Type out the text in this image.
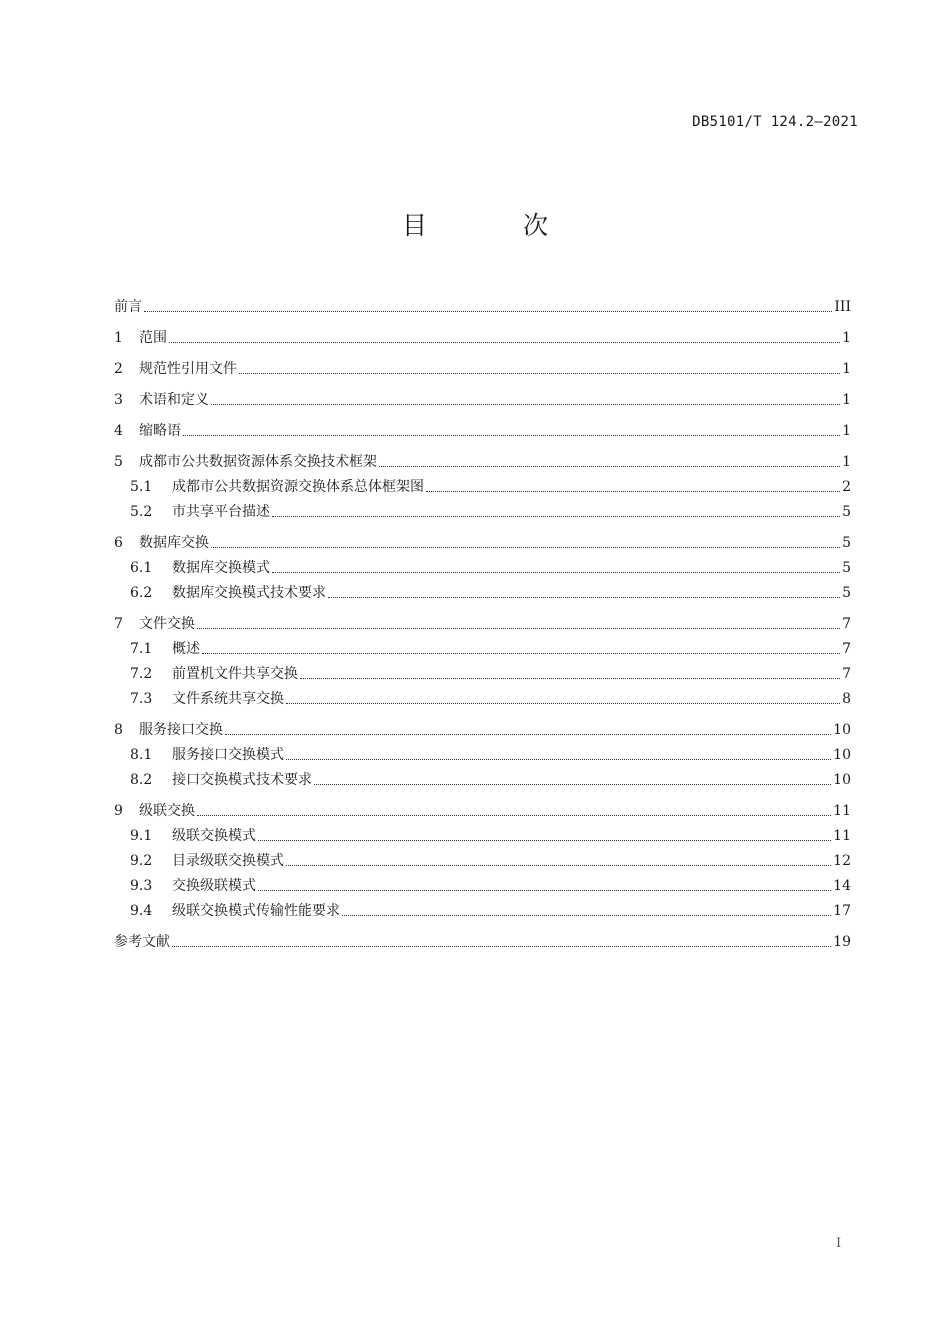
DB5101/T 124.2—2021
目 次
前言	III
1	范围	1
2	规范性引用文件	1
3	术语和定义	1
4	缩略语	1
5	成都市公共数据资源体系交换技术框架	1
5.1	成都市公共数据资源交换体系总体框架图	2
5.2	市共享平台描述	5
6	数据库交换	5
6.1	数据库交换模式	5
6.2	数据库交换模式技术要求	5
7	文件交换	7
7.1	概述	7
7.2	前置机文件共享交换	7
7.3	文件系统共享交换	8
8	服务接口交换	10
8.1	服务接口交换模式	10
8.2	接口交换模式技术要求	10
9	级联交换	11
9.1	级联交换模式	11
9.2	目录级联交换模式	12
9.3	交换级联模式	14
9.4	级联交换模式传输性能要求	17
参考文献	19
I
